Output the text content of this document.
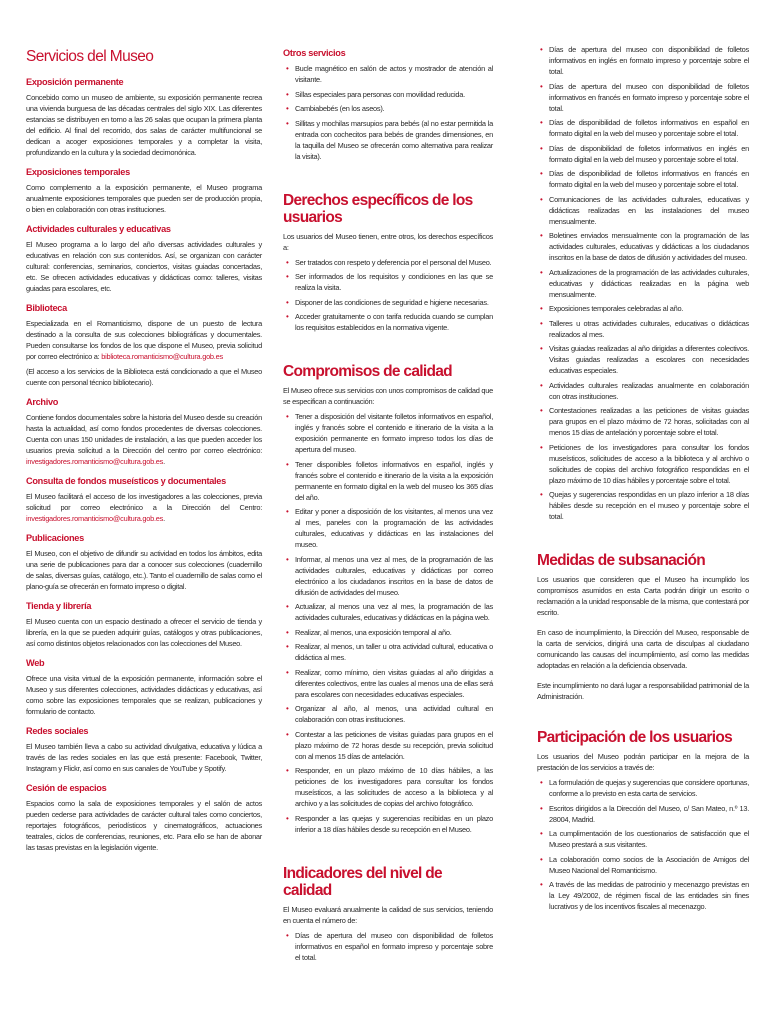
Servicios del Museo
Exposición permanente

Concebido como un museo de ambiente, su exposición permanente recrea una vivienda burguesa de las décadas centrales del siglo XIX. Las diferentes estancias se distribuyen en torno a las 26 salas que ocupan la primera planta del edificio. Al final del recorrido, dos salas de carácter multifuncional se dedican a acoger exposiciones temporales y a completar la visita, profundizando en la cultura y la sociedad decimonónica.

Exposiciones temporales

Como complemento a la exposición permanente, el Museo programa anualmente exposiciones temporales que pueden ser de producción propia, o bien en colaboración con otras instituciones.

Actividades culturales y educativas

El Museo programa a lo largo del año diversas actividades culturales y educativas en relación con sus contenidos. Así, se organizan con carácter cultural: conferencias, seminarios, conciertos, visitas guiadas concertadas, etc. Se ofrecen actividades educativas y didácticas como: talleres, visitas guiadas para escolares, etc.

Biblioteca

Especializada en el Romanticismo, dispone de un puesto de lectura destinado a la consulta de sus colecciones bibliográficas y documentales. Pueden consultarse los fondos de los que dispone el Museo, previa solicitud por correo electrónico a: biblioteca.romanticismo@cultura.gob.es

(El acceso a los servicios de la Biblioteca está condicionado a que el Museo cuente con personal técnico bibliotecario).

Archivo

Contiene fondos documentales sobre la historia del Museo desde su creación hasta la actualidad, así como fondos procedentes de diversas colecciones. Cuenta con unas 150 unidades de instalación, a las que pueden acceder los usuarios previa solicitud a la Dirección del centro por correo electrónico: investigadores.romanticismo@cultura.gob.es.

Consulta de fondos museísticos y documentales

El Museo facilitará el acceso de los investigadores a las colecciones, previa solicitud por correo electrónico a la Dirección del Centro: investigadores.romanticismo@cultura.gob.es.

Publicaciones

El Museo, con el objetivo de difundir su actividad en todos los ámbitos, edita una serie de publicaciones para dar a conocer sus colecciones (cuadernillo de salas, diversas guías, catálogo, etc.). Tanto el cuadernillo de salas como el plano-guía se ofrecerán en formato impreso o digital.

Tienda y librería

El Museo cuenta con un espacio destinado a ofrecer el servicio de tienda y librería, en la que se pueden adquirir guías, catálogos y otras publicaciones, así como distintos objetos relacionados con las colecciones del Museo.

Web

Ofrece una visita virtual de la exposición permanente, información sobre el Museo y sus diferentes colecciones, actividades didácticas y educativas, así como sobre las exposiciones temporales que se realizan, publicaciones y formulario de contacto.

Redes sociales

El Museo también lleva a cabo su actividad divulgativa, educativa y lúdica a través de las redes sociales en las que está presente: Facebook, Twitter, Instagram y Flickr, así como en sus canales de YouTube y Spotify.

Cesión de espacios

Espacios como la sala de exposiciones temporales y el salón de actos pueden cederse para actividades de carácter cultural tales como conciertos, reportajes fotográficos, periodísticos y cinematográficos, actuaciones teatrales, ciclos de conferencias, reuniones, etc. Para ello se han de abonar las tasas previstas en la legislación vigente.

Otros servicios
• Bucle magnético en salón de actos y mostrador de atención al visitante.
• Sillas especiales para personas con movilidad reducida.
• Cambiabebés (en los aseos).
• Sillitas y mochilas marsupios para bebés (al no estar permitida la entrada con cochecitos para bebés de grandes dimensiones, en la taquilla del Museo se ofrecerán como alternativa para realizar la visita).
Derechos específicos de los usuarios

Los usuarios del Museo tienen, entre otros, los derechos específicos a:

• Ser tratados con respeto y deferencia por el personal del Museo.
• Ser informados de los requisitos y condiciones en las que se realiza la visita.
• Disponer de las condiciones de seguridad e higiene necesarias.
• Acceder gratuitamente o con tarifa reducida cuando se cumplan los requisitos establecidos en la normativa vigente.
Compromisos de calidad

El Museo ofrece sus servicios con unos compromisos de calidad que se especifican a continuación:

• Tener a disposición del visitante folletos informativos en español, inglés y francés sobre el contenido e itinerario de la visita a la exposición permanente en formato impreso todos los días de apertura del museo.
• Tener disponibles folletos informativos en español, inglés y francés sobre el contenido e itinerario de la visita a la exposición permanente en formato digital en la web del museo los 365 días del año.
• Editar y poner a disposición de los visitantes, al menos una vez al mes, paneles con la programación de las actividades culturales, educativas y didácticas en las instalaciones del museo.
• Informar, al menos una vez al mes, de la programación de las actividades culturales, educativas y didácticas por correo electrónico a los ciudadanos inscritos en la base de datos de difusión de actividades del museo.
• Actualizar, al menos una vez al mes, la programación de las actividades culturales, educativas y didácticas en la página web.
• Realizar, al menos, una exposición temporal al año.
• Realizar, al menos, un taller u otra actividad cultural, educativa o didáctica al mes.
• Realizar, como mínimo, cien visitas guiadas al año dirigidas a diferentes colectivos, entre las cuales al menos una de ellas será para escolares con necesidades educativas especiales.
• Organizar al año, al menos, una actividad cultural en colaboración con otras instituciones.
• Contestar a las peticiones de visitas guiadas para grupos en el plazo máximo de 72 horas desde su recepción, previa solicitud con al menos 15 días de antelación.
• Responder, en un plazo máximo de 10 días hábiles, a las peticiones de los investigadores para consultar los fondos museísticos, a las solicitudes de acceso a la biblioteca y al archivo y a las solicitudes de copias del archivo fotográfico.
• Responder a las quejas y sugerencias recibidas en un plazo inferior a 18 días hábiles desde su recepción en el Museo.
Indicadores del nivel de calidad

El Museo evaluará anualmente la calidad de sus servicios, teniendo en cuenta el número de:

• Días de apertura del museo con disponibilidad de folletos informativos en español en formato impreso y porcentaje sobre el total.
• Días de apertura del museo con disponibilidad de folletos informativos en inglés en formato impreso y porcentaje sobre el total.
• Días de apertura del museo con disponibilidad de folletos informativos en francés en formato impreso y porcentaje sobre el total.
• Días de disponibilidad de folletos informativos en español en formato digital en la web del museo y porcentaje sobre el total.
• Días de disponibilidad de folletos informativos en inglés en formato digital en la web del museo y porcentaje sobre el total.
• Días de disponibilidad de folletos informativos en francés en formato digital en la web del museo y porcentaje sobre el total.
• Comunicaciones de las actividades culturales, educativas y didácticas realizadas en las instalaciones del museo mensualmente.
• Boletines enviados mensualmente con la programación de las actividades culturales, educativas y didácticas a los ciudadanos inscritos en la base de datos de difusión y actividades del museo.
• Actualizaciones de la programación de las actividades culturales, educativas y didácticas realizadas en la página web mensualmente.
• Exposiciones temporales celebradas al año.
• Talleres u otras actividades culturales, educativas o didácticas realizados al mes.
• Visitas guiadas realizadas al año dirigidas a diferentes colectivos. Visitas guiadas realizadas a escolares con necesidades educativas especiales.
• Actividades culturales realizadas anualmente en colaboración con otras instituciones.
• Contestaciones realizadas a las peticiones de visitas guiadas para grupos en el plazo máximo de 72 horas, solicitadas con al menos 15 días de antelación y porcentaje sobre el total.
• Peticiones de los investigadores para consultar los fondos museísticos, solicitudes de acceso a la biblioteca y al archivo o solicitudes de copias del archivo fotográfico respondidas en el plazo máximo de 10 días hábiles y porcentaje sobre el total.
• Quejas y sugerencias respondidas en un plazo inferior a 18 días hábiles desde su recepción en el museo y porcentaje sobre el total.
Medidas de subsanación

Los usuarios que consideren que el Museo ha incumplido los compromisos asumidos en esta Carta podrán dirigir un escrito o reclamación a la unidad responsable de la misma, que contestará por escrito.

En caso de incumplimiento, la Dirección del Museo, responsable de la carta de servicios, dirigirá una carta de disculpas al ciudadano comunicando las causas del incumplimiento, así como las medidas adoptadas en relación a la deficiencia observada.

Este incumplimiento no dará lugar a responsabilidad patrimonial de la Administración.

Participación de los usuarios

Los usuarios del Museo podrán participar en la mejora de la prestación de los servicios a través de:

• La formulación de quejas y sugerencias que considere oportunas, conforme a lo previsto en esta carta de servicios.
• Escritos dirigidos a la Dirección del Museo, c/ San Mateo, n.º 13. 28004, Madrid.
• La cumplimentación de los cuestionarios de satisfacción que el Museo prestará a sus visitantes.
• La colaboración como socios de la Asociación de Amigos del Museo Nacional del Romanticismo.
• A través de las medidas de patrocinio y mecenazgo previstas en la Ley 49/2002, de régimen fiscal de las entidades sin fines lucrativos y de los incentivos fiscales al mecenazgo.
